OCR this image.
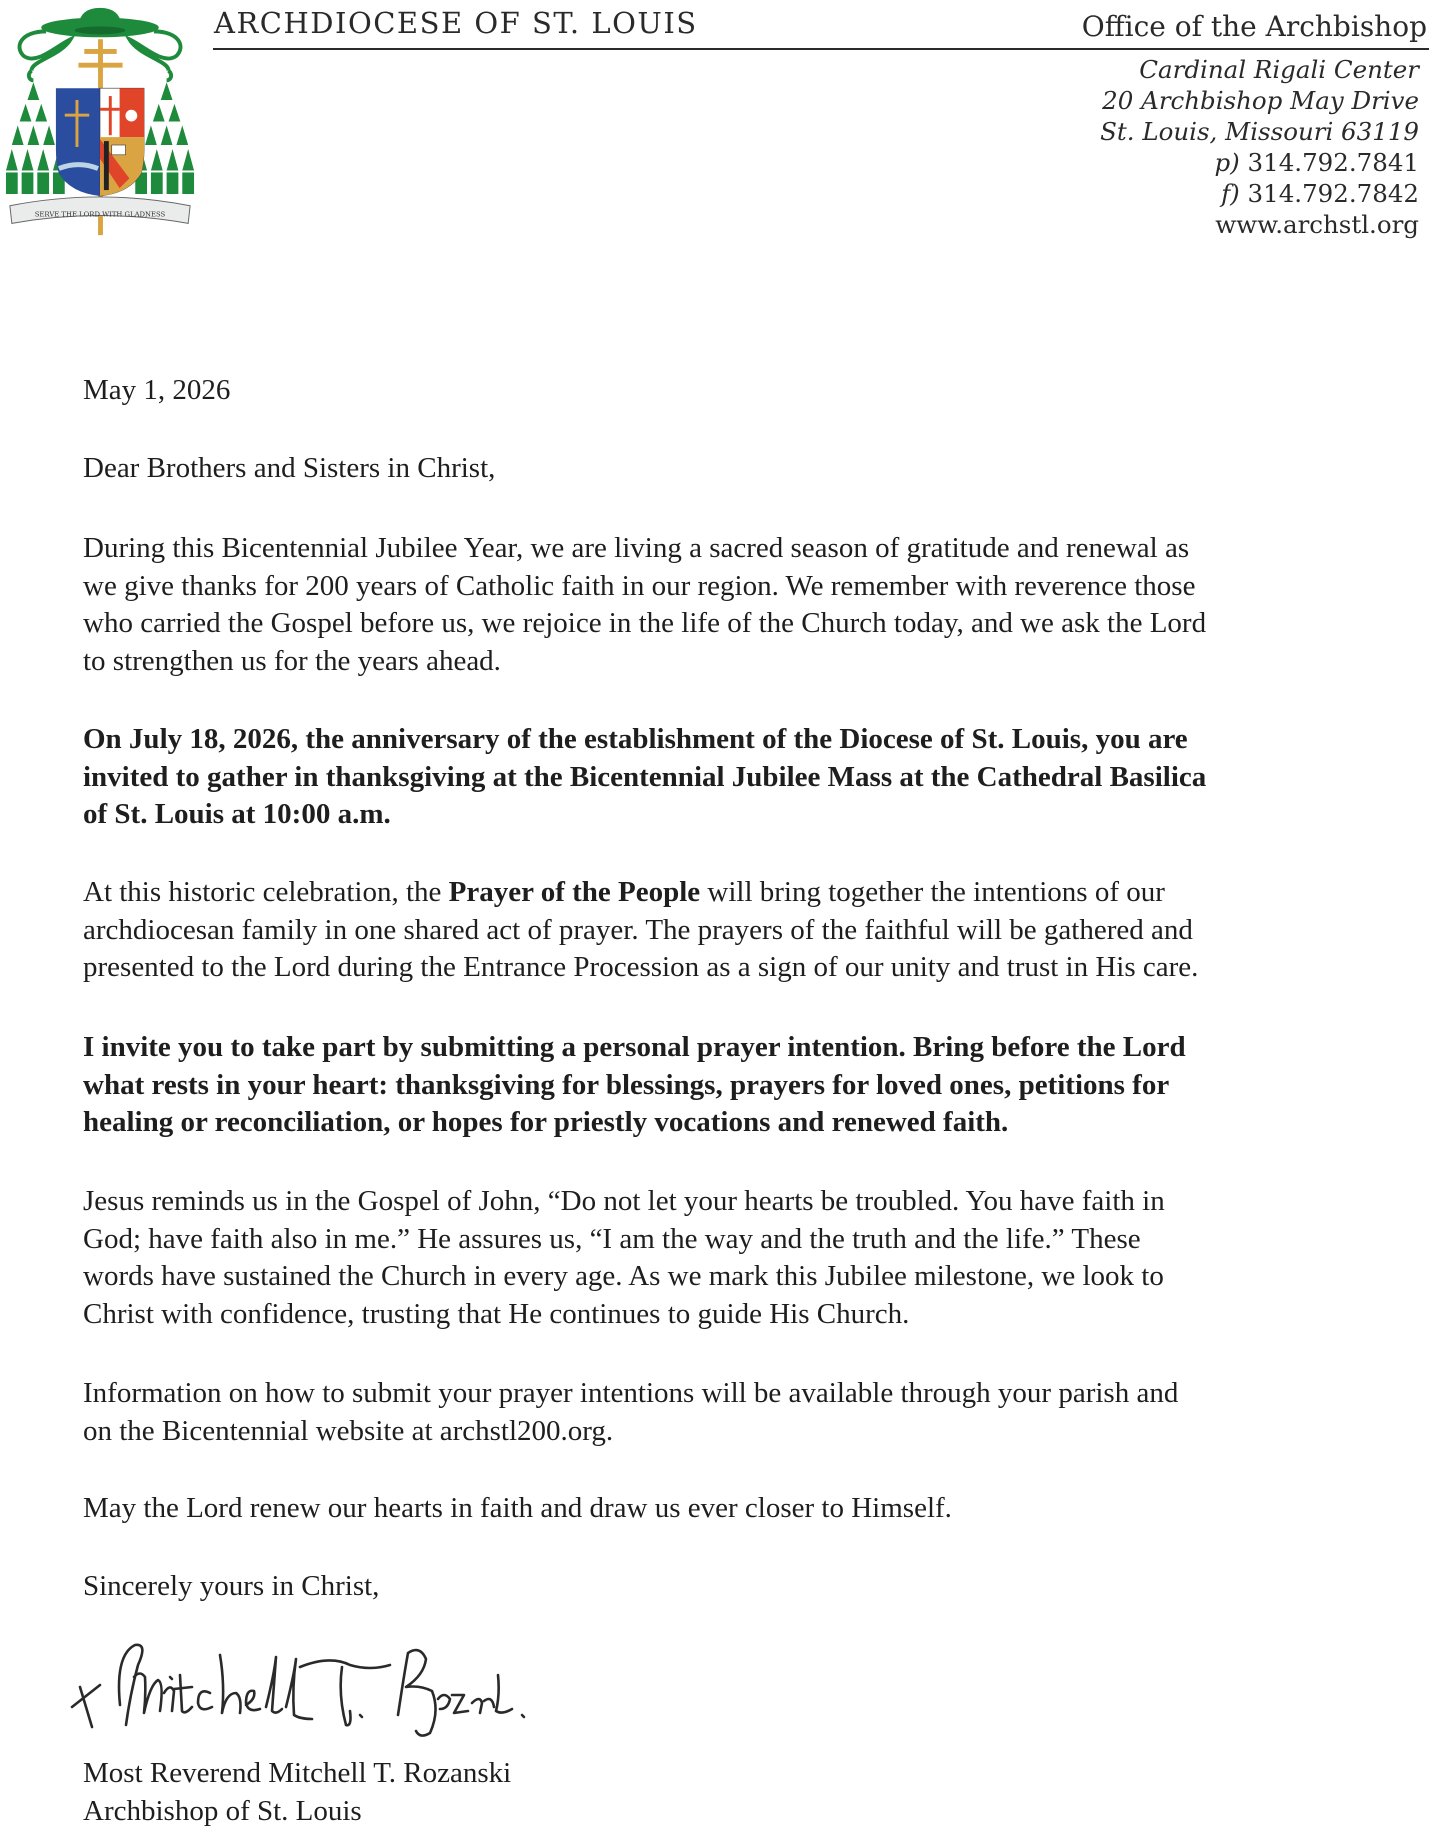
SERVE THE LORD WITH GLADNESS
ARCHDIOCESE OF ST. LOUIS	Office of the Archbishop
Cardinal Rigali Center
20 Archbishop May Drive
St. Louis, Missouri 63119
p) 314.792.7841
f) 314.792.7842
www.archstl.org
May 1, 2026
Dear Brothers and Sisters in Christ,
During this Bicentennial Jubilee Year, we are living a sacred season of gratitude and renewal as
we give thanks for 200 years of Catholic faith in our region. We remember with reverence those
who carried the Gospel before us, we rejoice in the life of the Church today, and we ask the Lord
to strengthen us for the years ahead.
On July 18, 2026, the anniversary of the establishment of the Diocese of St. Louis, you are
invited to gather in thanksgiving at the Bicentennial Jubilee Mass at the Cathedral Basilica
of St. Louis at 10:00 a.m.
At this historic celebration, the Prayer of the People will bring together the intentions of our
archdiocesan family in one shared act of prayer. The prayers of the faithful will be gathered and
presented to the Lord during the Entrance Procession as a sign of our unity and trust in His care.
I invite you to take part by submitting a personal prayer intention. Bring before the Lord
what rests in your heart: thanksgiving for blessings, prayers for loved ones, petitions for
healing or reconciliation, or hopes for priestly vocations and renewed faith.
Jesus reminds us in the Gospel of John, “Do not let your hearts be troubled. You have faith in
God; have faith also in me.” He assures us, “I am the way and the truth and the life.” These
words have sustained the Church in every age. As we mark this Jubilee milestone, we look to
Christ with confidence, trusting that He continues to guide His Church.
Information on how to submit your prayer intentions will be available through your parish and
on the Bicentennial website at archstl200.org.
May the Lord renew our hearts in faith and draw us ever closer to Himself.
Sincerely yours in Christ,
Most Reverend Mitchell T. Rozanski
Archbishop of St. Louis
